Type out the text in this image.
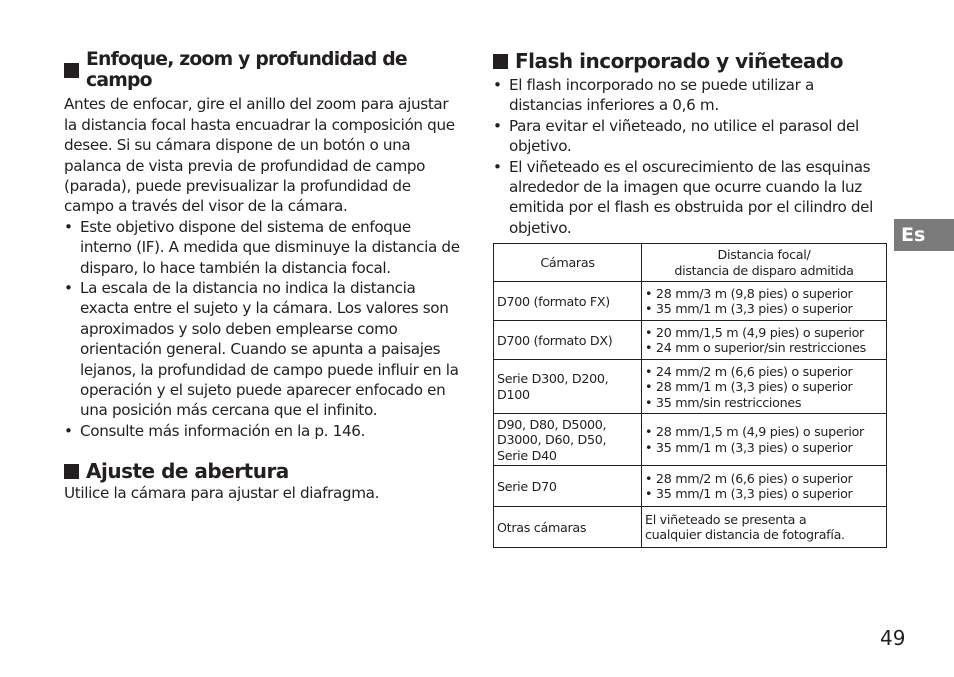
Enfoque, zoom y profundidad de campo

Antes de enfocar, gire el anillo del zoom para ajustar la distancia focal hasta encuadrar la composición que desee. Si su cámara dispone de un botón o una palanca de vista previa de profundidad de campo (parada), puede previsualizar la profundidad de campo a través del visor de la cámara.

• Este objetivo dispone del sistema de enfoque interno (IF). A medida que disminuye la distancia de disparo, lo hace también la distancia focal.
• La escala de la distancia no indica la distancia exacta entre el sujeto y la cámara. Los valores son aproximados y solo deben emplearse como orientación general. Cuando se apunta a paisajes lejanos, la profundidad de campo puede influir en la operación y el sujeto puede aparecer enfocado en una posición más cercana que el infinito.
• Consulte más información en la p. 146.
Ajuste de abertura

Utilice la cámara para ajustar el diafragma.

Flash incorporado y viñeteado
• El flash incorporado no se puede utilizar a distancias inferiores a 0,6 m.
• Para evitar el viñeteado, no utilice el parasol del objetivo.
• El viñeteado es el oscurecimiento de las esquinas alrededor de la imagen que ocurre cuando la luz emitida por el flash es obstruida por el cilindro del objetivo.
Cámaras	Distancia focal/
distancia de disparo admitida

D700 (formato FX)	• 28 mm/3 m (9,8 pies) o superior
• 35 mm/1 m (3,3 pies) o superior

D700 (formato DX)	• 20 mm/1,5 m (4,9 pies) o superior
• 24 mm o superior/sin restricciones

Serie D300, D200,
D100	• 24 mm/2 m (6,6 pies) o superior
• 28 mm/1 m (3,3 pies) o superior
• 35 mm/sin restricciones

D90, D80, D5000,
D3000, D60, D50,
Serie D40	• 28 mm/1,5 m (4,9 pies) o superior
• 35 mm/1 m (3,3 pies) o superior

Serie D70	• 28 mm/2 m (6,6 pies) o superior
• 35 mm/1 m (3,3 pies) o superior

Otras cámaras	El viñeteado se presenta a
cualquier distancia de fotografía.
Es
49
